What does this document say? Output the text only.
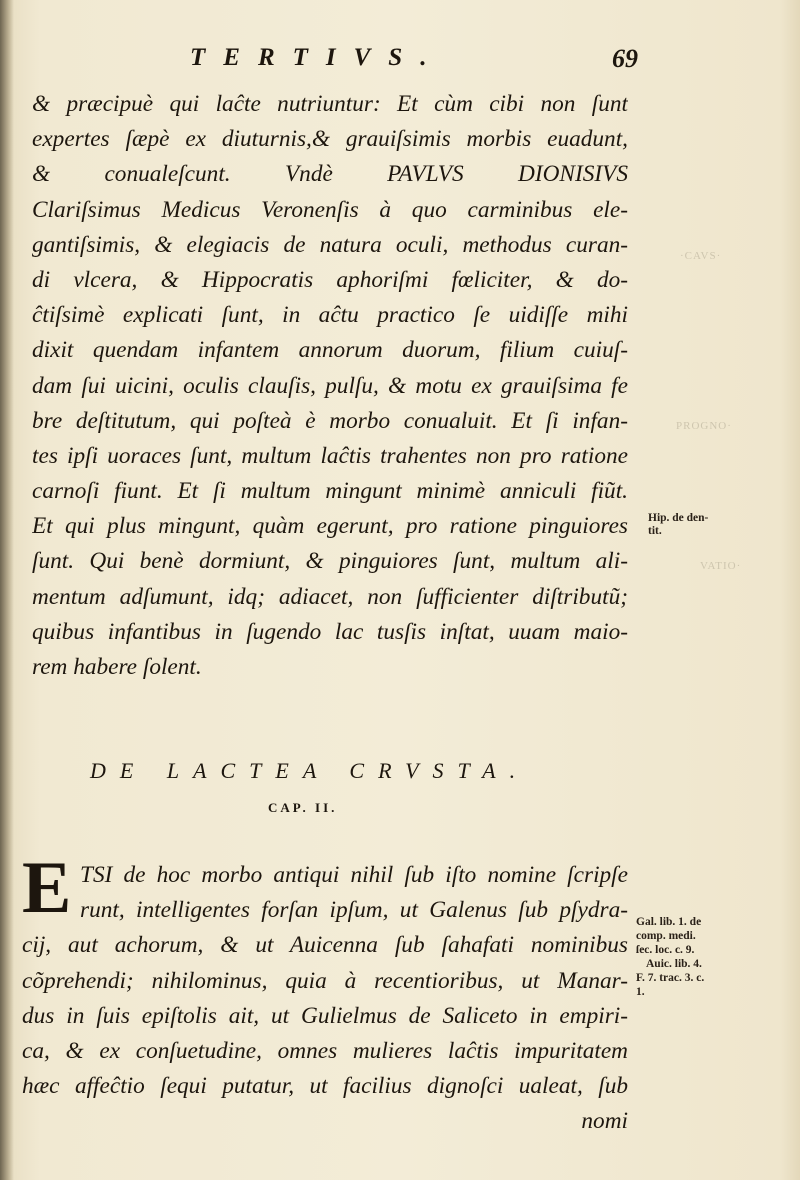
TERTIVS.	69
·CAVS·
PROGNO·
VATIO·
& præcipuè qui laĉte nutriuntur: Et cùm cibi non ſunt
expertes ſæpè ex diuturnis,& grauiſsimis morbis euadunt,
& conualeſcunt. Vndè PAVLVS DIONISIVS
Clariſsimus Medicus Veronenſis à quo carminibus ele-
gantiſsimis, & elegiacis de natura oculi, methodus curan-
di vlcera, & Hippocratis aphoriſmi fœliciter, & do-
ĉtiſsimè explicati ſunt, in aĉtu practico ſe uidiſſe mihi
dixit quendam infantem annorum duorum, filium cuiuſ-
dam ſui uicini, oculis clauſis, pulſu, & motu ex grauiſsima fe
bre deſtitutum, qui poſteà è morbo conualuit. Et ſi infan-
tes ipſi uoraces ſunt, multum laĉtis trahentes non pro ratione
carnoſi fiunt. Et ſi multum mingunt minimè anniculi fiũt.
Et qui plus mingunt, quàm egerunt, pro ratione pinguiores
ſunt. Qui benè dormiunt, & pinguiores ſunt, multum ali-
mentum adſumunt, idq; adiacet, non ſufficienter diſtributũ;
quibus infantibus in ſugendo lac tusſis inſtat, uuam maio-
rem habere ſolent.
Hip. de den-
tit.
DE LACTEA CRVSTA.
CAP. II.
E TSI de hoc morbo antiqui nihil ſub iſto nomine ſcripſe
runt, intelligentes forſan ipſum, ut Galenus ſub pſydra-
cij, aut achorum, & ut Auicenna ſub ſahafati nominibus
cõprehendi; nihilominus, quia à recentioribus, ut Manar-
dus in ſuis epiſtolis ait, ut Gulielmus de Saliceto in empiri-
ca, & ex conſuetudine, omnes mulieres laĉtis impuritatem
hæc affeĉtio ſequi putatur, ut facilius dignoſci ualeat, ſub
nomi
Gal. lib. 1. de
comp. medi.
ſec. loc. c. 9.
Auic. lib. 4.
F. 7. trac. 3. c.
1.
